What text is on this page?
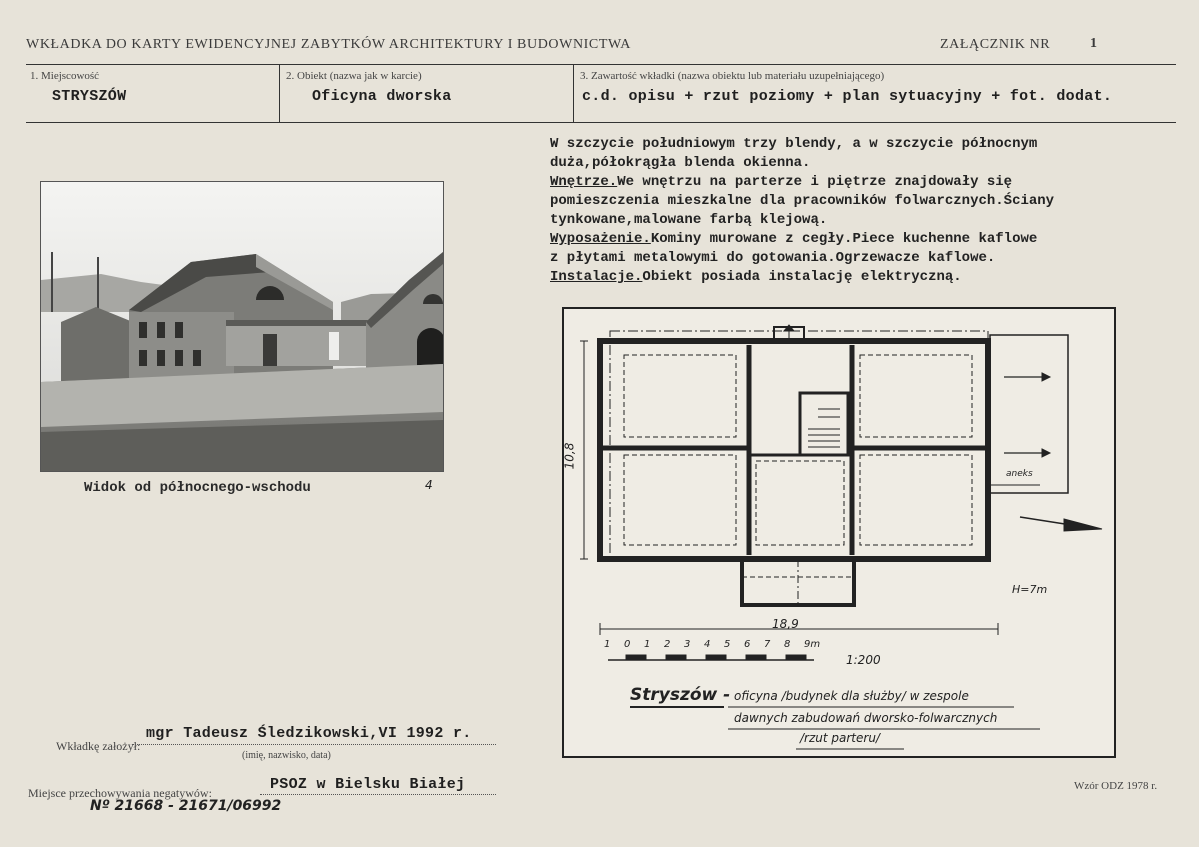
WKŁADKA DO KARTY EWIDENCYJNEJ ZABYTKÓW ARCHITEKTURY I BUDOWNICTWA	ZAŁĄCZNIK NR	1
1. Miejscowość
STRYSZÓW
2. Obiekt (nazwa jak w karcie)
Oficyna dworska
3. Zawartość wkładki (nazwa obiektu lub materiału uzupełniającego)
c.d. opisu + rzut poziomy + plan sytuacyjny + fot. dodat.
W szczycie południowym trzy blendy, a w szczycie północnym
duża,półokrągła blenda okienna.
Wnętrze.We wnętrzu na parterze i piętrze znajdowały się
pomieszczenia mieszkalne dla pracowników folwarcznych.Ściany
tynkowane,malowane farbą klejową.
Wyposażenie.Kominy murowane z cegły.Piece kuchenne kaflowe
z płytami metalowymi do gotowania.Ogrzewacze kaflowe.
Instalacje.Obiekt posiada instalację elektryczną.
Widok od północnego-wschodu	4
10,8
18,9
H=7m
aneks
1 0 1 2 3 4 5 6 7 8 9m
1:200
Stryszów - oficyna /budynek dla służby/ w zespole
dawnych zabudowań dworsko-folwarcznych
/rzut parteru/
Wkładkę założył:
mgr Tadeusz Śledzikowski,VI 1992 r.
(imię, nazwisko, data)
Miejsce przechowywania negatywów:	PSOZ w Bielsku Białej
Nº 21668 - 21671/06992
Wzór ODZ 1978 r.
